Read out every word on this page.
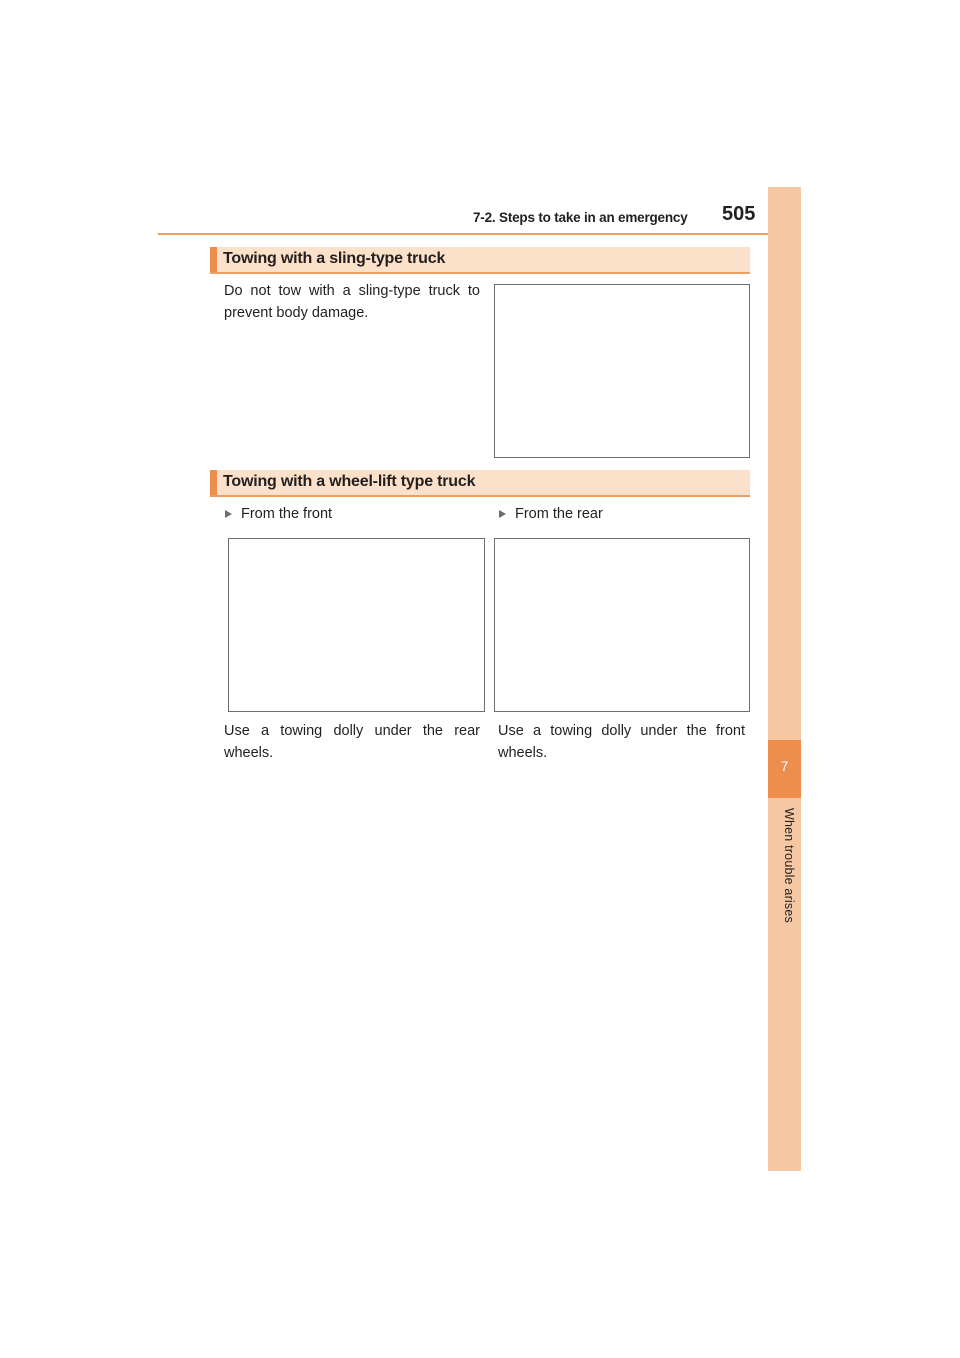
7-2. Steps to take in an emergency 505
7
When trouble arises
Towing with a sling-type truck
Do not tow with a sling-type truck to prevent body damage.
Towing with a wheel-lift type truck
From the front	From the rear
Use a towing dolly under the rear wheels.
Use a towing dolly under the front wheels.
